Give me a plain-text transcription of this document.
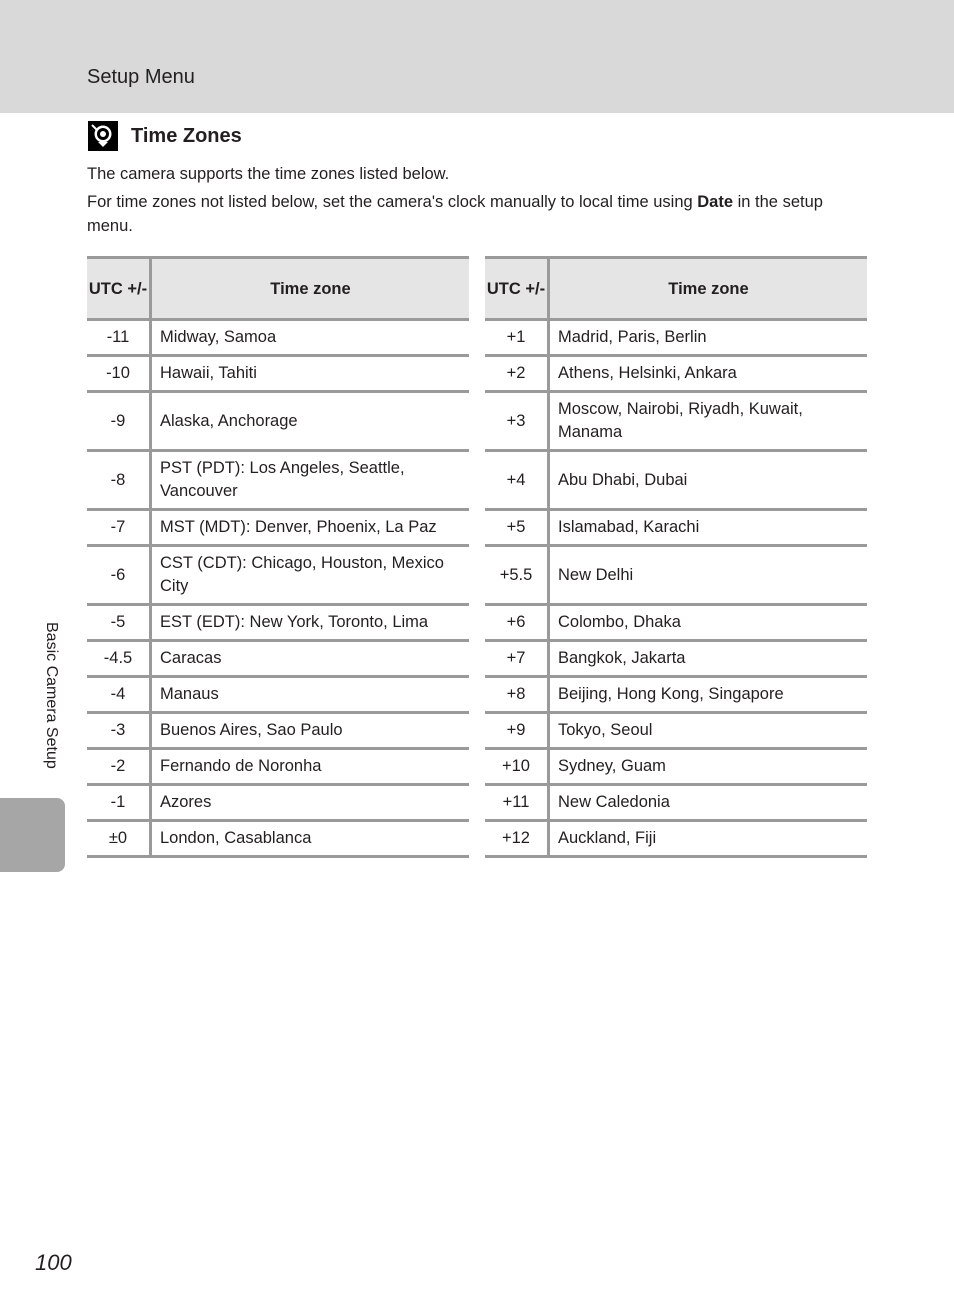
Setup Menu
Time Zones
The camera supports the time zones listed below.
For time zones not listed below, set the camera's clock manually to local time using Date in the setup menu.
UTC +/-	Time zone
-11	Midway, Samoa
-10	Hawaii, Tahiti
-9	Alaska, Anchorage
-8	PST (PDT): Los Angeles, Seattle, Vancouver
-7	MST (MDT): Denver, Phoenix, La Paz
-6	CST (CDT): Chicago, Houston, Mexico City
-5	EST (EDT): New York, Toronto, Lima
-4.5	Caracas
-4	Manaus
-3	Buenos Aires, Sao Paulo
-2	Fernando de Noronha
-1	Azores
±0	London, Casablanca
UTC +/-	Time zone
+1	Madrid, Paris, Berlin
+2	Athens, Helsinki, Ankara
+3	Moscow, Nairobi, Riyadh, Kuwait, Manama
+4	Abu Dhabi, Dubai
+5	Islamabad, Karachi
+5.5	New Delhi
+6	Colombo, Dhaka
+7	Bangkok, Jakarta
+8	Beijing, Hong Kong, Singapore
+9	Tokyo, Seoul
+10	Sydney, Guam
+11	New Caledonia
+12	Auckland, Fiji
Basic Camera Setup
100
